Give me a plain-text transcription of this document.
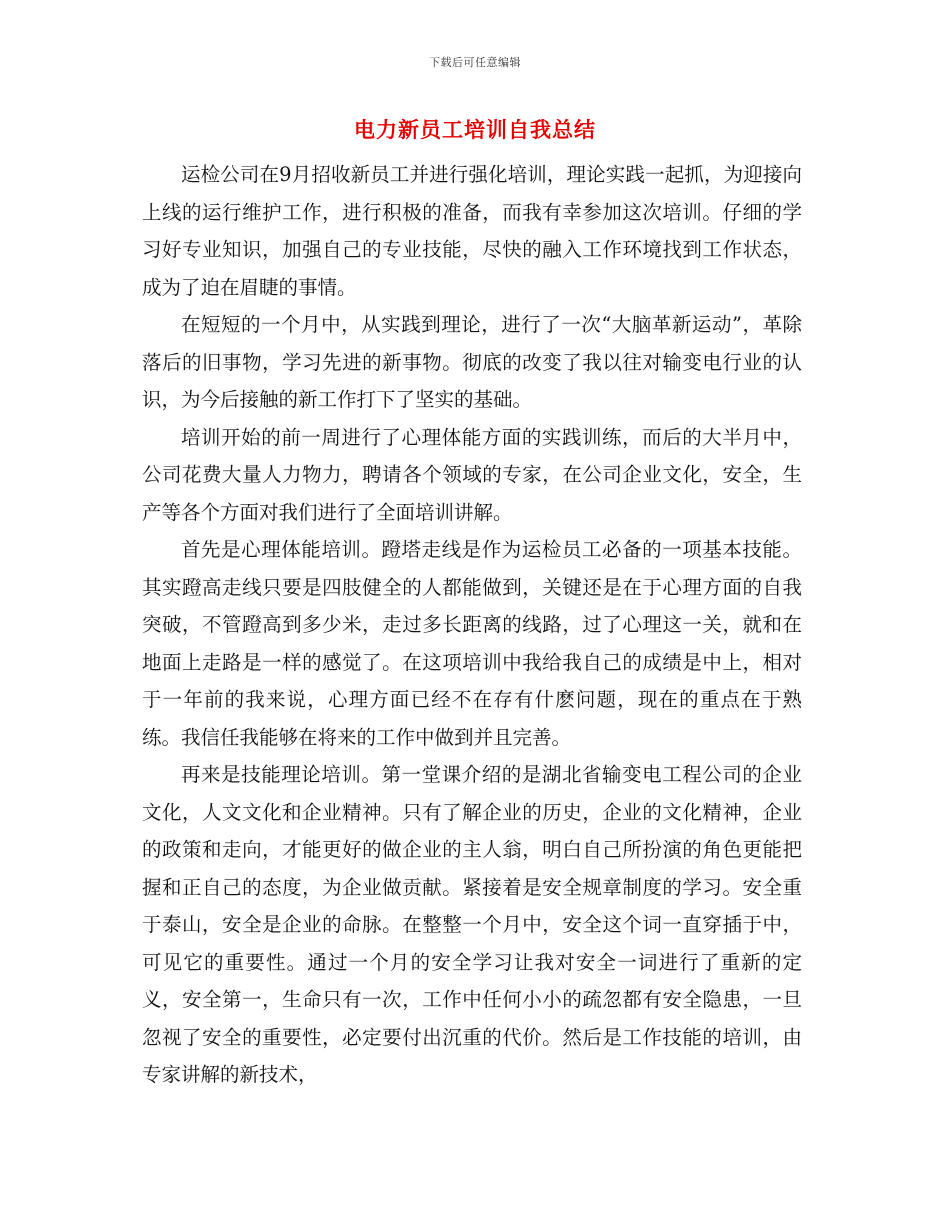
下载后可任意编辑
电力新员工培训自我总结

运检公司在9月招收新员工并进行强化培训，理论实践一起抓，为迎接向上线的运行维护工作，进行积极的准备，而我有幸参加这次培训。仔细的学习好专业知识，加强自己的专业技能，尽快的融入工作环境找到工作状态，成为了迫在眉睫的事情。

在短短的一个月中，从实践到理论，进行了一次“大脑革新运动”，革除落后的旧事物，学习先进的新事物。彻底的改变了我以往对输变电行业的认识，为今后接触的新工作打下了坚实的基础。

培训开始的前一周进行了心理体能方面的实践训练，而后的大半月中，公司花费大量人力物力，聘请各个领域的专家，在公司企业文化，安全，生产等各个方面对我们进行了全面培训讲解。

首先是心理体能培训。蹬塔走线是作为运检员工必备的一项基本技能。其实蹬高走线只要是四肢健全的人都能做到，关键还是在于心理方面的自我突破，不管蹬高到多少米，走过多长距离的线路，过了心理这一关，就和在地面上走路是一样的感觉了。在这项培训中我给我自己的成绩是中上，相对于一年前的我来说，心理方面已经不在存有什麽问题，现在的重点在于熟练。我信任我能够在将来的工作中做到并且完善。

再来是技能理论培训。第一堂课介绍的是湖北省输变电工程公司的企业文化，人文文化和企业精神。只有了解企业的历史，企业的文化精神，企业的政策和走向，才能更好的做企业的主人翁，明白自己所扮演的角色更能把握和正自己的态度，为企业做贡献。紧接着是安全规章制度的学习。安全重于泰山，安全是企业的命脉。在整整一个月中，安全这个词一直穿插于中，可见它的重要性。通过一个月的安全学习让我对安全一词进行了重新的定义，安全第一，生命只有一次，工作中任何小小的疏忽都有安全隐患，一旦忽视了安全的重要性，必定要付出沉重的代价。然后是工作技能的培训，由专家讲解的新技术，
